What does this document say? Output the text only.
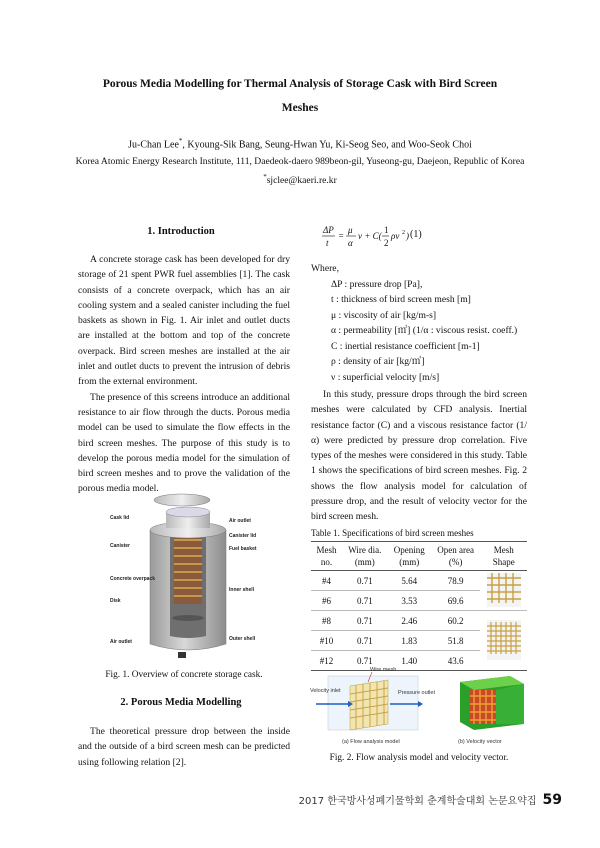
Porous Media Modelling for Thermal Analysis of Storage Cask with Bird Screen
Meshes
Ju-Chan Lee*, Kyoung-Sik Bang, Seung-Hwan Yu, Ki-Seog Seo, and Woo-Seok Choi
Korea Atomic Energy Research Institute, 111, Daedeok-daero 989beon-gil, Yuseong-gu, Daejeon, Republic of Korea
*sjclee@kaeri.re.kr
1. Introduction

A concrete storage cask has been developed for dry storage of 21 spent PWR fuel assemblies [1]. The cask consists of a concrete overpack, which has an air cooling system and a sealed canister including the fuel baskets as shown in Fig. 1. Air inlet and outlet ducts are installed at the bottom and top of the concrete overpack. Bird screen meshes are installed at the air inlet and outlet ducts to prevent the intrusion of debris from the external environment.

The presence of this screens introduce an additional resistance to air flow through the ducts. Porous media model can be used to simulate the flow effects in the bird screen meshes. The purpose of this study is to develop the porous media model for the simulation of bird screen meshes and to prove the validation of the porous media model.

Cask lid	Air outlet
Canister lid
Canister	Fuel basket
Concrete overpack
Inner shell
Disk
Outer shell
Air outlet
Fig. 1. Overview of concrete storage cask.
2. Porous Media Modelling

The theoretical pressure drop between the inside and the outside of a bird screen mesh can be predicted using following relation [2].

ΔP
t
=
μ
α
ν + C(
1
2
ρν 2 ) (1)
Where,
ΔP : pressure drop [Pa],
t : thickness of bird screen mesh [m]
μ : viscosity of air [kg/m-s]
α : permeability [㎡] (1/α : viscous resist. coeff.)
C : inertial resistance coefficient [m-1]
ρ : density of air [kg/㎥]
ν : superficial velocity [m/s]

In this study, pressure drops through the bird screen meshes were calculated by CFD analysis. Inertial resistance factor (C) and a viscous resistance factor (1/α) were predicted by pressure drop correlation. Five types of the meshes were considered in this study. Table 1 shows the specifications of bird screen meshes. Fig. 2 shows the flow analysis model for calculation of pressure drop, and the result of velocity vector for the bird screen mesh.

Table 1. Specifications of bird screen meshes
Mesh
no.	Wire dia.
(mm)	Opening
(mm)	Open area
(%)	Mesh
Shape
#4	0.71	5.64	78.9	
#6	0.71	3.53	69.6	
#8	0.71	2.46	60.2	
#10	0.71	1.83	51.8	
#12	0.71	1.40	43.6	
Wire mesh
Velocity inlet	Pressure outlet
(a) Flow analysis model	(b) Velocity vector
Fig. 2. Flow analysis model and velocity vector.
2017 한국방사성폐기물학회 춘계학술대회 논문요약집 59
